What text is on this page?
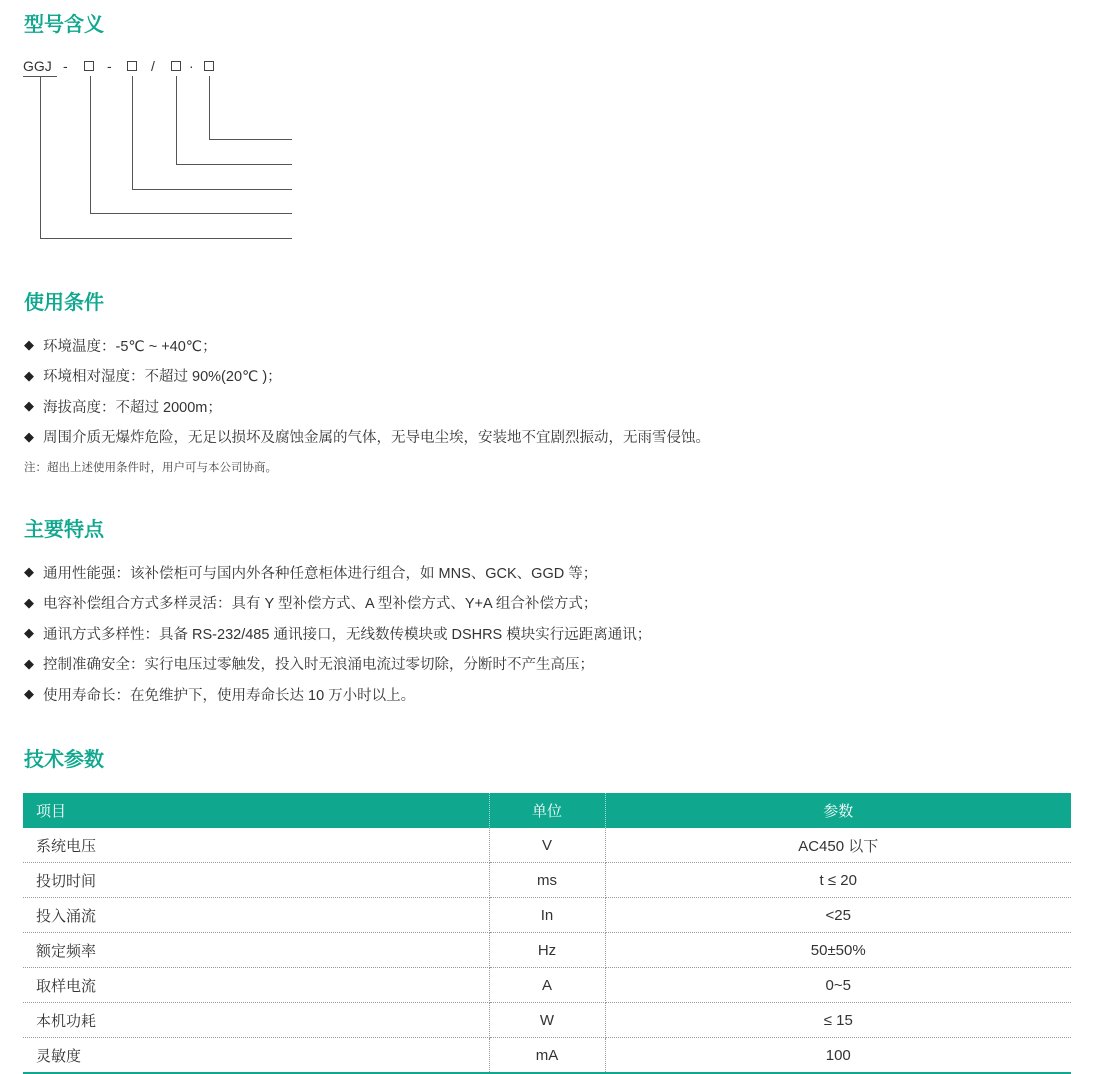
型号含义
GGJ -	-	/ ·
使用条件
◆ 环境温度：-5℃ ~ +40℃；
◆ 环境相对湿度：不超过 90%(20℃ )；
◆ 海拔高度：不超过 2000m；
◆ 周围介质无爆炸危险，无足以损坏及腐蚀金属的气体，无导电尘埃，安装地不宜剧烈振动，无雨雪侵蚀。
注：超出上述使用条件时，用户可与本公司协商。
主要特点
◆ 通用性能强：该补偿柜可与国内外各种任意柜体进行组合，如 MNS、GCK、GGD 等；
◆ 电容补偿组合方式多样灵活：具有 Y 型补偿方式、A 型补偿方式、Y+A 组合补偿方式；
◆ 通讯方式多样性：具备 RS-232/485 通讯接口，无线数传模块或 DSHRS 模块实行远距离通讯；
◆ 控制准确安全：实行电压过零触发，投入时无浪涌电流过零切除，分断时不产生高压；
◆ 使用寿命长：在免维护下，使用寿命长达 10 万小时以上。
技术参数
项目	单位	参数
系统电压	V	AC450 以下
投切时间	ms	t ≤ 20
投入涌流	In	<25
额定频率	Hz	50±50%
取样电流	A	0~5
本机功耗	W	≤ 15
灵敏度	mA	100
